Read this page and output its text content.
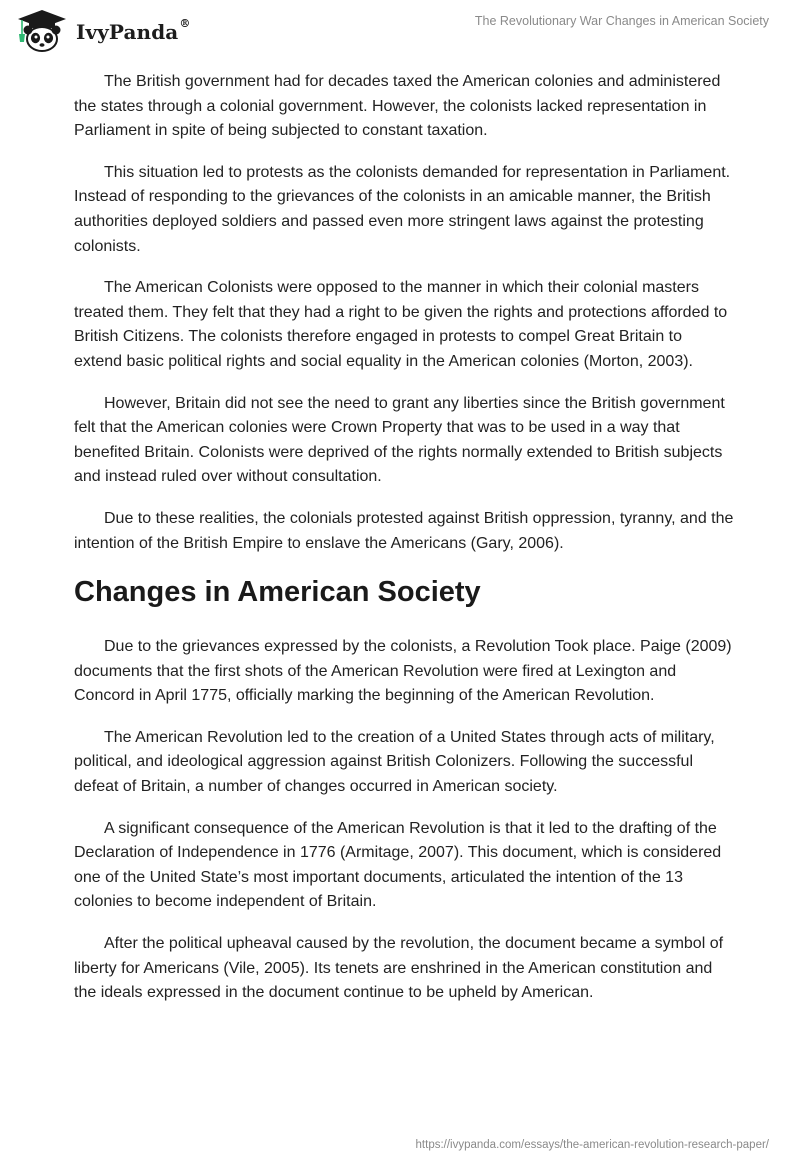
IvyPanda®	The Revolutionary War Changes in American Society

The British government had for decades taxed the American colonies and administered the states through a colonial government. However, the colonists lacked representation in Parliament in spite of being subjected to constant taxation.

This situation led to protests as the colonists demanded for representation in Parliament. Instead of responding to the grievances of the colonists in an amicable manner, the British authorities deployed soldiers and passed even more stringent laws against the protesting colonists.

The American Colonists were opposed to the manner in which their colonial masters treated them. They felt that they had a right to be given the rights and protections afforded to British Citizens. The colonists therefore engaged in protests to compel Great Britain to extend basic political rights and social equality in the American colonies (Morton, 2003).

However, Britain did not see the need to grant any liberties since the British government felt that the American colonies were Crown Property that was to be used in a way that benefited Britain. Colonists were deprived of the rights normally extended to British subjects and instead ruled over without consultation.

Due to these realities, the colonials protested against British oppression, tyranny, and the intention of the British Empire to enslave the Americans (Gary, 2006).

Changes in American Society

Due to the grievances expressed by the colonists, a Revolution Took place. Paige (2009) documents that the first shots of the American Revolution were fired at Lexington and Concord in April 1775, officially marking the beginning of the American Revolution.

The American Revolution led to the creation of a United States through acts of military, political, and ideological aggression against British Colonizers. Following the successful defeat of Britain, a number of changes occurred in American society.

A significant consequence of the American Revolution is that it led to the drafting of the Declaration of Independence in 1776 (Armitage, 2007). This document, which is considered one of the United State’s most important documents, articulated the intention of the 13 colonies to become independent of Britain.

After the political upheaval caused by the revolution, the document became a symbol of liberty for Americans (Vile, 2005). Its tenets are enshrined in the American constitution and the ideals expressed in the document continue to be upheld by American.

https://ivypanda.com/essays/the-american-revolution-research-paper/
